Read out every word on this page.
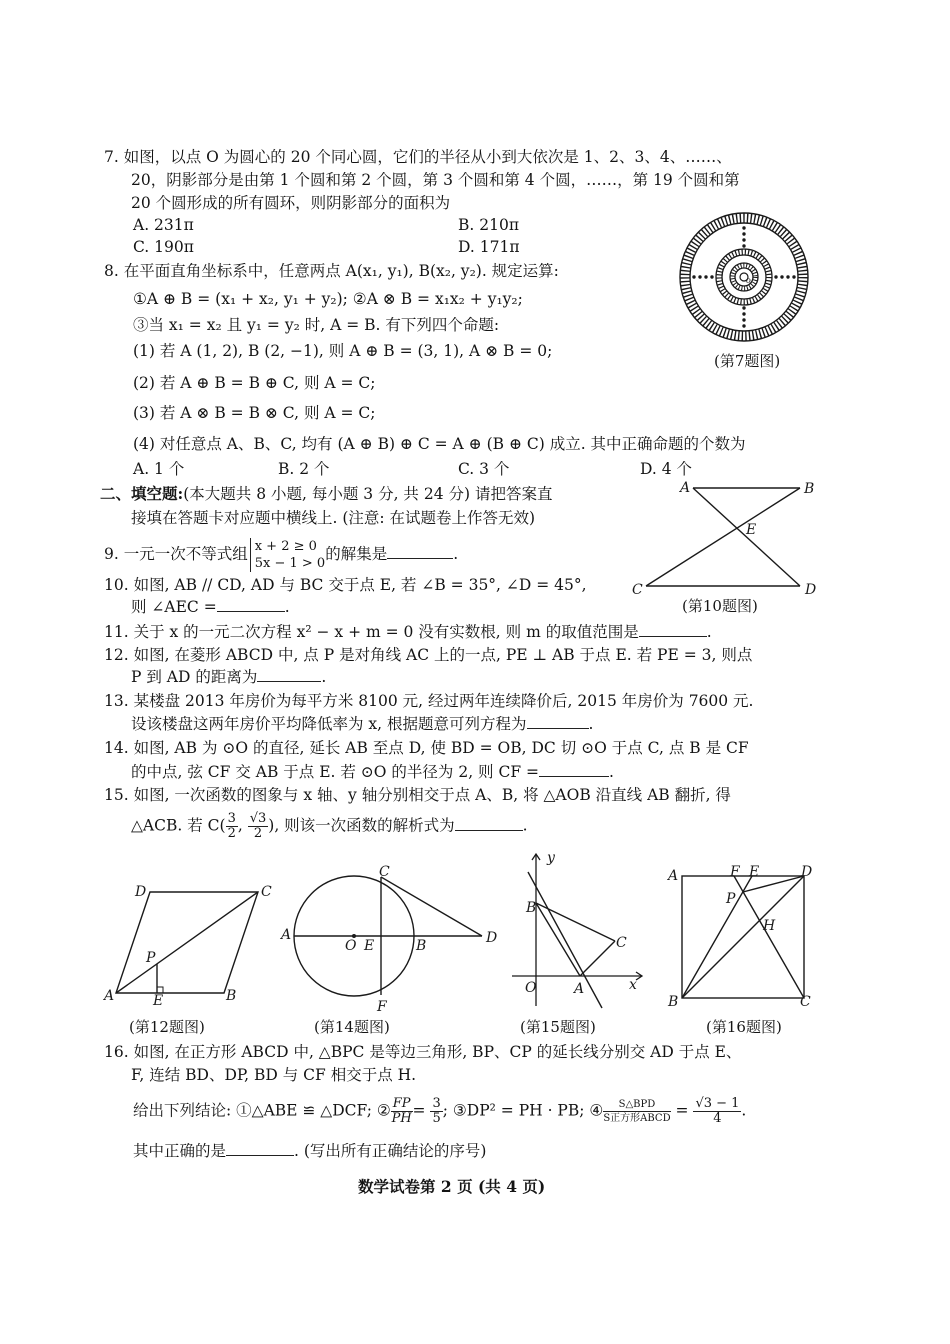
7. 如图，以点 O 为圆心的 20 个同心圆，它们的半径从小到大依次是 1、2、3、4、……、
20，阴影部分是由第 1 个圆和第 2 个圆，第 3 个圆和第 4 个圆，……，第 19 个圆和第
20 个圆形成的所有圆环，则阴影部分的面积为
A. 231π	B. 210π
C. 190π	D. 171π
o
(第7题图)
8. 在平面直角坐标系中，任意两点 A(x₁, y₁), B(x₂, y₂). 规定运算:
①A ⊕ B = (x₁ + x₂, y₁ + y₂); ②A ⊗ B = x₁x₂ + y₁y₂;
③当 x₁ = x₂ 且 y₁ = y₂ 时, A = B. 有下列四个命题:
(1) 若 A (1, 2), B (2, −1), 则 A ⊕ B = (3, 1), A ⊗ B = 0;
(2) 若 A ⊕ B = B ⊕ C, 则 A = C;
(3) 若 A ⊗ B = B ⊗ C, 则 A = C;
(4) 对任意点 A、B、C, 均有 (A ⊕ B) ⊕ C = A ⊕ (B ⊕ C) 成立. 其中正确命题的个数为
A. 1 个	B. 2 个	C. 3 个	D. 4 个
二、填空题:(本大题共 8 小题, 每小题 3 分, 共 24 分) 请把答案直
接填在答题卡对应题中横线上. (注意: 在试题卷上作答无效)
A	B
C	D
E
(第10题图)
9. 一元一次不等式组 x + 2 ≥ 0
5x − 1 > 0
的解集是	.
10. 如图, AB // CD, AD 与 BC 交于点 E, 若 ∠B = 35°, ∠D = 45°,
则 ∠AEC =	.
11. 关于 x 的一元二次方程 x² − x + m = 0 没有实数根, 则 m 的取值范围是	.
12. 如图, 在菱形 ABCD 中, 点 P 是对角线 AC 上的一点, PE ⊥ AB 于点 E. 若 PE = 3, 则点
P 到 AD 的距离为	.
13. 某楼盘 2013 年房价为每平方米 8100 元, 经过两年连续降价后, 2015 年房价为 7600 元.
设该楼盘这两年房价平均降低率为 x, 根据题意可列方程为	.
14. 如图, AB 为 ⊙O 的直径, 延长 AB 至点 D, 使 BD = OB, DC 切 ⊙O 于点 C, 点 B 是 CF
的中点, 弦 CF 交 AB 于点 E. 若 ⊙O 的半径为 2, 则 CF =	.
15. 如图, 一次函数的图象与 x 轴、y 轴分别相交于点 A、B, 将 △AOB 沿直线 AB 翻折, 得
△ACB. 若 $C( \frac{3}{2}$ , $\frac{√3}{2}$ ), 则该一次函数的解析式为	.
D	C
A	B
P
E
(第12题图)
A
O E	B	D
C
F
(第14题图)
y
x
O	A
B
C
(第15题图)
A	F E	D
P
H
B	C
(第16题图)
16. 如图, 在正方形 ABCD 中, △BPC 是等边三角形, BP、CP 的延长线分别交 AD 于点 E、
F, 连结 BD、DP, BD 与 CF 相交于点 H.
给出下列结论: ①△ABE ≌ △DCF; ② $\frac{FP}{PH} = \frac{3}{5}$ ; ③DP² = PH · PB; ④ $\frac{\text{S△BPD}}{\text{S正方形ABCD}} = \frac{√3 - 1}{4}$ .
其中正确的是	. (写出所有正确结论的序号)
数学试卷第 2 页 (共 4 页)
